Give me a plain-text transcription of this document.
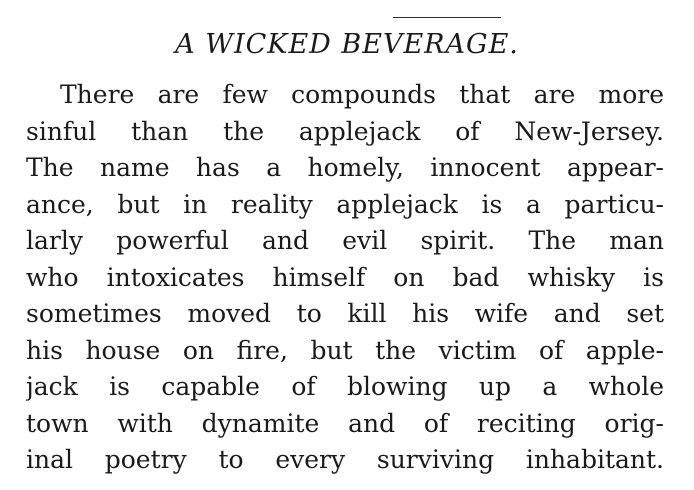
A WICKED BEVERAGE.
There are few compounds that are more
sinful than the applejack of New-Jersey.
The name has a homely, innocent appear-
ance, but in reality applejack is a particu-
larly powerful and evil spirit. The man
who intoxicates himself on bad whisky is
sometimes moved to kill his wife and set
his house on fire, but the victim of apple-
jack is capable of blowing up a whole
town with dynamite and of reciting orig-
inal poetry to every surviving inhabitant.
